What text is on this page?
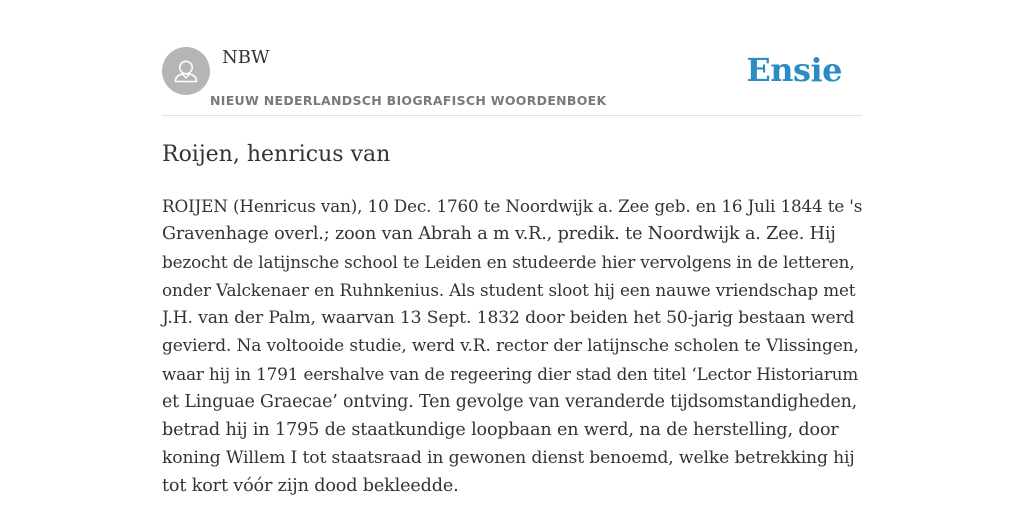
NBW
NIEUW NEDERLANDSCH BIOGRAFISCH WOORDENBOEK
Ensie
Roijen, henricus van

ROIJEN (Henricus van), 10 Dec. 1760 te Noordwijk a. Zee geb. en 16 Juli 1844 te 's
Gravenhage overl.; zoon van Abrah a m v.R., predik. te Noordwijk a. Zee. Hij
bezocht de latijnsche school te Leiden en studeerde hier vervolgens in de letteren,
onder Valckenaer en Ruhnkenius. Als student sloot hij een nauwe vriendschap met
J.H. van der Palm, waarvan 13 Sept. 1832 door beiden het 50-jarig bestaan werd
gevierd. Na voltooide studie, werd v.R. rector der latijnsche scholen te Vlissingen,
waar hij in 1791 eershalve van de regeering dier stad den titel ‘Lector Historiarum
et Linguae Graecae’ ontving. Ten gevolge van veranderde tijdsomstandigheden,
betrad hij in 1795 de staatkundige loopbaan en werd, na de herstelling, door
koning Willem I tot staatsraad in gewonen dienst benoemd, welke betrekking hij
tot kort vóór zijn dood bekleedde.
